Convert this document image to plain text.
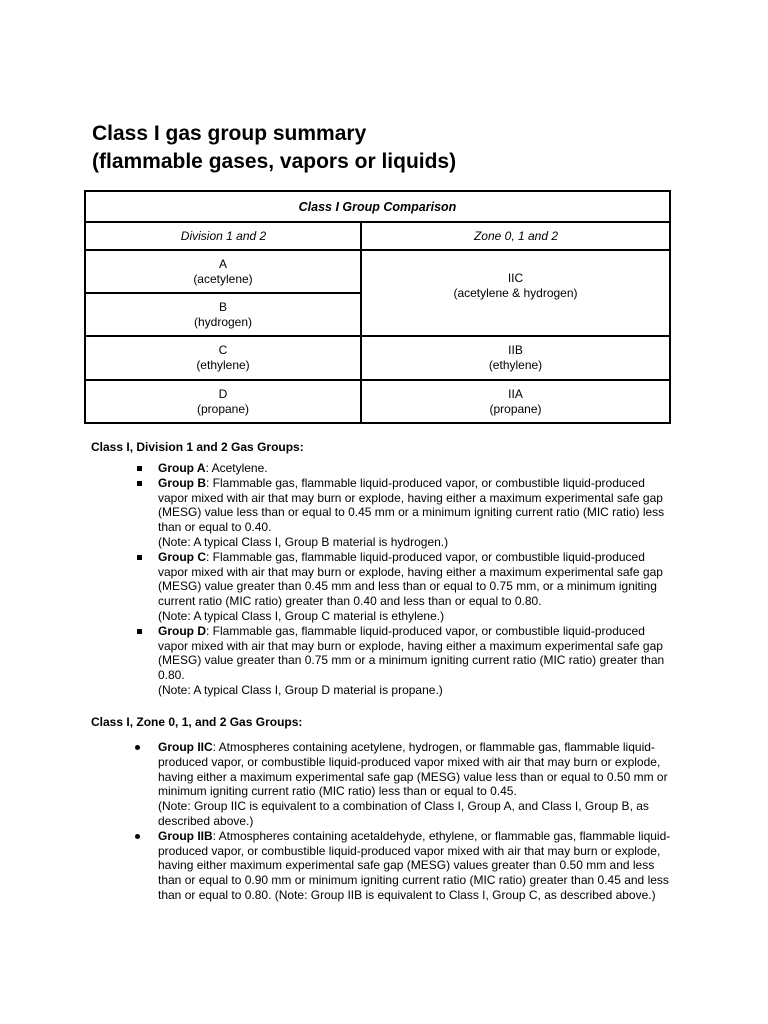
Class I gas group summary
(flammable gases, vapors or liquids)
Class I Group Comparison
Division 1 and 2	Zone 0, 1 and 2
A
(acetylene)
B
(hydrogen)
IIC
(acetylene & hydrogen)
C
(ethylene)
IIB
(ethylene)
D
(propane)
IIA
(propane)
Class I, Division 1 and 2 Gas Groups:

Group A: Acetylene.

Group B: Flammable gas, flammable liquid-produced vapor, or combustible liquid-produced vapor mixed with air that may burn or explode, having either a maximum experimental safe gap (MESG) value less than or equal to 0.45 mm or a minimum igniting current ratio (MIC ratio) less than or equal to 0.40.

(Note: A typical Class I, Group B material is hydrogen.)

Group C: Flammable gas, flammable liquid-produced vapor, or combustible liquid-produced vapor mixed with air that may burn or explode, having either a maximum experimental safe gap (MESG) value greater than 0.45 mm and less than or equal to 0.75 mm, or a minimum igniting current ratio (MIC ratio) greater than 0.40 and less than or equal to 0.80.

(Note: A typical Class I, Group C material is ethylene.)

Group D: Flammable gas, flammable liquid-produced vapor, or combustible liquid-produced vapor mixed with air that may burn or explode, having either a maximum experimental safe gap (MESG) value greater than 0.75 mm or a minimum igniting current ratio (MIC ratio) greater than 0.80.

(Note: A typical Class I, Group D material is propane.)

Class I, Zone 0, 1, and 2 Gas Groups:

Group IIC: Atmospheres containing acetylene, hydrogen, or flammable gas, flammable liquid-produced vapor, or combustible liquid-produced vapor mixed with air that may burn or explode, having either a maximum experimental safe gap (MESG) value less than or equal to 0.50 mm or minimum igniting current ratio (MIC ratio) less than or equal to 0.45.

(Note: Group IIC is equivalent to a combination of Class I, Group A, and Class I, Group B, as described above.)

Group IIB: Atmospheres containing acetaldehyde, ethylene, or flammable gas, flammable liquid-produced vapor, or combustible liquid-produced vapor mixed with air that may burn or explode, having either maximum experimental safe gap (MESG) values greater than 0.50 mm and less than or equal to 0.90 mm or minimum igniting current ratio (MIC ratio) greater than 0.45 and less than or equal to 0.80. (Note: Group IIB is equivalent to Class I, Group C, as described above.)
